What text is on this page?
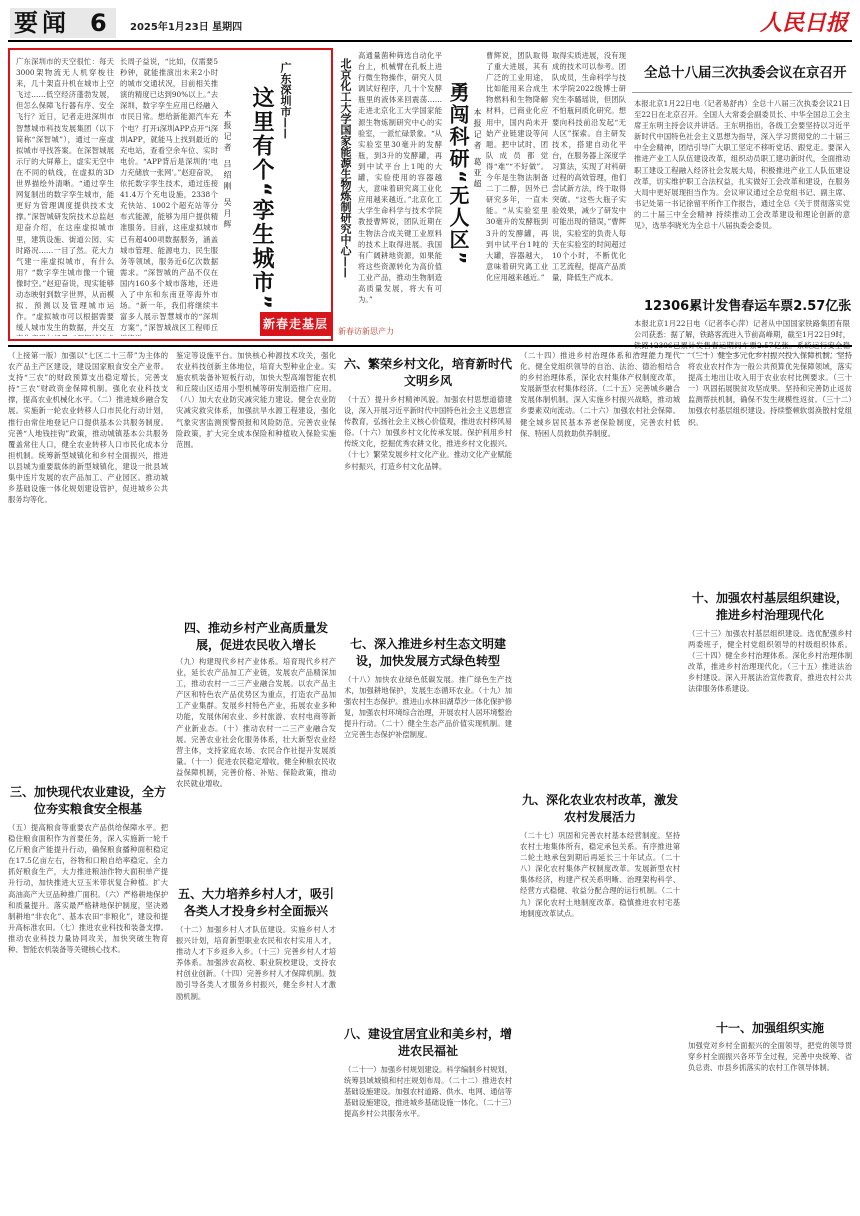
要闻 6 2025年1月23日 星期四	人民日报

广东深圳市的天空很忙：每天3000架物流无人机穿梭往来，几十架直升机在城市上空飞过……低空经济蓬勃发展，但怎么保障飞行器有序、安全飞行？近日，记者走进深圳市智慧城市科技发展集团（以下简称“深智城”），通过一座虚拟城市寻找答案。在深智城展示厅的大屏幕上，虚实无空中在不同的轨线，在虚拟的3D世界描绘外清晰。“通过孪生网复制出的数字孪生城市，能更好为管理调度提供技术支撑。”深智城研发院技术总监赵迎奋介绍，在这座虚拟城市里，建筑设施、街道公园、实时路况……一目了然。花大力气建一座虚拟城市，有什么用？“数字孪生城市像一个镜像时空。”赵迎奋说，现实能够动态映射到数字世界，从而模拟、预测以及管理城市运作。“虚拟城市可以根据需要缓人城市发生的数据，并交互

长周子益说，“比如，仅需要5秒钟，就能推演出未来2小时的城市交通状况，目前相关推演的精度已达到90%以上。”去深圳，数字孪生应用已经融入市民日常。想给新能源汽车充个电？打开i深圳APP点开“i深圳APP，就能马上找到最近的充电站，查看空余车位、实时电价。“APP背后是深圳的‘电力充储放一张网’。”赵迎奋说，依托数字孪生技术，通过连接41.4万个充电设施，2338个充快站、1002个超充站等分布式能源，能够为用户提供精准服务。目前，这座虚拟城市已有超400项数据服务，涵盖城市管理、能源电力、民生服务等领域，服务近6亿次数据需求。“深智城的产品不仅在国内160多个城市落地，还进入了中东和东南亚等海外市场。“新一年，我们将继续丰富多人展示智慧城市的“深圳方案”，”深智城战区工程师丘

广东深圳市——
这里有个“孪生城市”
本报记者 吕绍刚 吴月辉
新春走基层
北京化工大学国家能源生物炼制研究中心——
新春访新思产力

高通量菌种筛选自动化平台上，机械臂在孔板上进行微生物操作，研究人员调试好程序，几十个发酵瓶里的液体来回震荡……走进北京化工大学国家能源生物炼制研究中心的实验室，一派忙碌景象。“从实验室里30毫升的发酵瓶，到3升的发酵罐，再到中试平台上1吨的大罐，实验使用的容器越大，意味着研究离工业化应用越来越近。”北京化工大学生命科学与技术学院教授曹辉说，团队近期在生物法合成关键工业原料的技术上取得进展。我国有广阔耕地资源，如果能将这些资源转化为高价值工业产品，推动生物制造高质量发展，将大有可为。”

勇闯科研“无人区” 本报记者 葛亚超

曹辉说，团队取得了重大进展，其有广泛的工业用途，比如能用来合成生物燃料和生物降解材料，已商业化应用中，国内尚未开始产业链建设等问题。把中试时，团队成员都觉得“难”“不好做”。今年是生物法制备二丁二醇，因外已研究多年，一直未能。“从实验室里30毫升的发酵瓶到3升的发酵罐，再到中试平台1吨的大罐，容器越大，意味着研究离工业化应用越来越近。”

取得实质进展，没有现成的技术可以参考。团队成员，生命科学与技术学院2022级博士研究生李璐瑶说，但团队不怕瓶问质化研究。想要向科技前沿发起“无人区”探索。自主研发技术，搭建自动化平台，在服务器上深度学习算法，实现了对科研过程的高效管理，他们尝试新方法，终于取得突破。“这些大瓶子实验效果，减少了研发中可能出现的错误，”曹辉说，实验室的负责人每天在实验室的时间超过10个小时，不断优化工艺流程，提高产品质量，降低生产成本。

全总十八届三次执委会议在京召开

本报北京1月22日电（记者易舒冉）全总十八届三次执委会议21日至22日在北京召开。全国人大常委会副委员长、中华全国总工会主席王东明主持会议并讲话。王东明指出，各级工会要坚持以习近平新时代中国特色社会主义思想为指导，深入学习贯彻党的二十届三中全会精神，团结引导广大职工坚定不移听党话、跟党走。要深入推进产业工人队伍建设改革，组织动员职工建功新时代，全面推动职工建设工程融入经济社会发展大局，积极推进产业工人队伍建设改革，切实维护职工合法权益，扎实做好工会改革和建设，在服务大局中更好展现担当作为。会议审议通过全总党组书记、副主席、书记处第一书记徐留平所作工作报告，通过全总《关于贯彻落实党的二十届三中全会精神 持续推动工会改革建设和理论创新的意见》，选举李晓光为全总十八届执委会委员。

12306累计发售春运车票2.57亿张

本报北京1月22日电（记者李心萍）记者从中国国家铁路集团有限公司获悉：据了解，铁路客流进入节前高峰期，截至1月22日9时，

（上接第一版）加强以“七区二十三带”为主体的农产品主产区建设，建设国家粮食安全产业带。支持“三农”的财政预算支出稳定增长，完善支持“三农”财政资金保障机制。强化农业科技支撑，提高农业机械化水平。（二）推进城乡融合发展。实施新一轮农业转移人口市民化行动计划，推行由常住地登记户口提供基本公共服务制度。完善“人地钱挂钩”政策，推动城镇基本公共服务覆盖常住人口，健全农业转移人口市民化成本分担机制。统筹新型城镇化和乡村全面振兴，推进以县城为重要载体的新型城镇化，建设一批县域集中连片发展的农产品加工、产业园区。推动城乡基础设施一体化规划建设管护，促进城乡公共服务均等化。

三、加快现代农业建设，全方位夯实粮食安全根基

（五）提高粮食等重要农产品供给保障水平。把稳住粮食面积作为首要任务，深入实施新一轮千亿斤粮食产能提升行动，确保粮食播种面积稳定在17.5亿亩左右，谷物和口粮自给率稳定。全力抓好粮食生产，大力推进粮油作物大面积单产提升行动，加快推进大豆玉米带状复合种植。扩大高油高产大豆品种推广面积。（六）严格耕地保护和质量提升。落实最严格耕地保护制度，坚决遏制耕地“非农化”、基本农田“非粮化”，建设和提升高标准农田。（七）推进农业科技和装备支撑。推动农业科技力量协同攻关，加快突破生物育种、智能农机装备等关键核心技术。

鉴定等设施平台。加快核心种源技术攻关，强化农业科技创新主体地位，培育大型种业企业。实施农机装备补短板行动，加快大型高端智能农机和丘陵山区适用小型机械等研发制造推广应用。（八）加大农业防灾减灾能力建设。健全农业防灾减灾救灾体系，加强抗旱水源工程建设，强化气象灾害监测预警预报和风险防范。完善农业保险政策，扩大完全成本保险和种植收入保险实施范围。

四、推动乡村产业高质量发展，促进农民收入增长

（九）构建现代乡村产业体系。培育现代乡村产业，延长农产品加工产业链，发展农产品精深加工，推动农村一二三产业融合发展。以农产品主产区和特色农产品优势区为重点，打造农产品加工产业集群。发展乡村特色产业，拓展农业多种功能，发展休闲农业、乡村旅游、农村电商等新产业新业态。（十）推动农村一二三产业融合发展。完善农业社会化服务体系，壮大新型农业经营主体，支持家庭农场、农民合作社提升发展质量。（十一）促进农民稳定增收。健全种粮农民收益保障机制，完善价格、补贴、保险政策，推动农民就业增收。

五、大力培养乡村人才，吸引各类人才投身乡村全面振兴

（十二）加强乡村人才队伍建设。实施乡村人才振兴计划，培育新型职业农民和农村实用人才，推动人才下乡返乡入乡。（十三）完善乡村人才培养体系。加强涉农高校、职业院校建设，支持农村创业创新。（十四）完善乡村人才保障机制。鼓励引导各类人才服务乡村振兴，健全乡村人才激励机制。

六、繁荣乡村文化，培育新时代文明乡风

（十五）提升乡村精神风貌。加强农村思想道德建设，深入开展习近平新时代中国特色社会主义思想宣传教育，弘扬社会主义核心价值观，推进农村移风易俗。（十六）加强乡村文化传承发展。保护利用乡村传统文化，挖掘优秀农耕文化，推进乡村文化振兴。（十七）繁荣发展乡村文化产业。推动文化产业赋能乡村振兴，打造乡村文化品牌。

七、深入推进乡村生态文明建设，加快发展方式绿色转型

（十八）加快农业绿色低碳发展。推广绿色生产技术，加强耕地保护，发展生态循环农业。（十九）加强农村生态保护。推进山水林田湖草沙一体化保护修复，加强农村环境综合治理，开展农村人居环境整治提升行动。（二十）健全生态产品价值实现机制。建立完善生态保护补偿制度。

八、建设宜居宜业和美乡村，增进农民福祉

（二十一）加强乡村规划建设。科学编制乡村规划，统筹县域城镇和村庄规划布局。（二十二）推进农村基础设施建设。加强农村道路、供水、电网、通信等基础设施建设，推进城乡基础设施一体化。（二十三）提高乡村公共服务水平。

（二十四）推进乡村治理体系和治理能力现代化。健全党组织领导的自治、法治、德治相结合的乡村治理体系，深化农村集体产权制度改革，发展新型农村集体经济。（二十五）完善城乡融合发展体制机制。深入实施乡村振兴战略，推动城乡要素双向流动。（二十六）加强农村社会保障。健全城乡居民基本养老保险制度，完善农村低保、特困人员救助供养制度。

九、深化农业农村改革，激发农村发展活力

（二十七）巩固和完善农村基本经营制度。坚持农村土地集体所有，稳定承包关系。有序推进第二轮土地承包到期后再延长三十年试点。（二十八）深化农村集体产权制度改革。发展新型农村集体经济，构建产权关系明晰、治理架构科学、经营方式稳健、收益分配合理的运行机制。（二十九）深化农村土地制度改革。稳慎推进农村宅基地制度改革试点。

（三十）健全多元化乡村振兴投入保障机制。坚持将农业农村作为一般公共预算优先保障领域，落实提高土地出让收入用于农业农村比例要求。（三十一）巩固拓展脱贫攻坚成果。坚持和完善防止返贫监测帮扶机制，确保不发生规模性返贫。（三十二）加强农村基层组织建设。持续整顿软弱涣散村党组织。

十、加强农村基层组织建设，推进乡村治理现代化

（三十三）加强农村基层组织建设。选优配强乡村两委班子，健全村党组织领导的村级组织体系。（三十四）健全乡村治理体系。深化乡村治理体制改革，推进乡村治理现代化。（三十五）推进法治乡村建设。深入开展法治宣传教育，推进农村公共法律服务体系建设。

十一、加强组织实施

加强党对乡村全面振兴的全面领导，把党的领导贯穿乡村全面振兴各环节全过程，完善中央统筹、省负总责、市县乡抓落实的农村工作领导体制。
